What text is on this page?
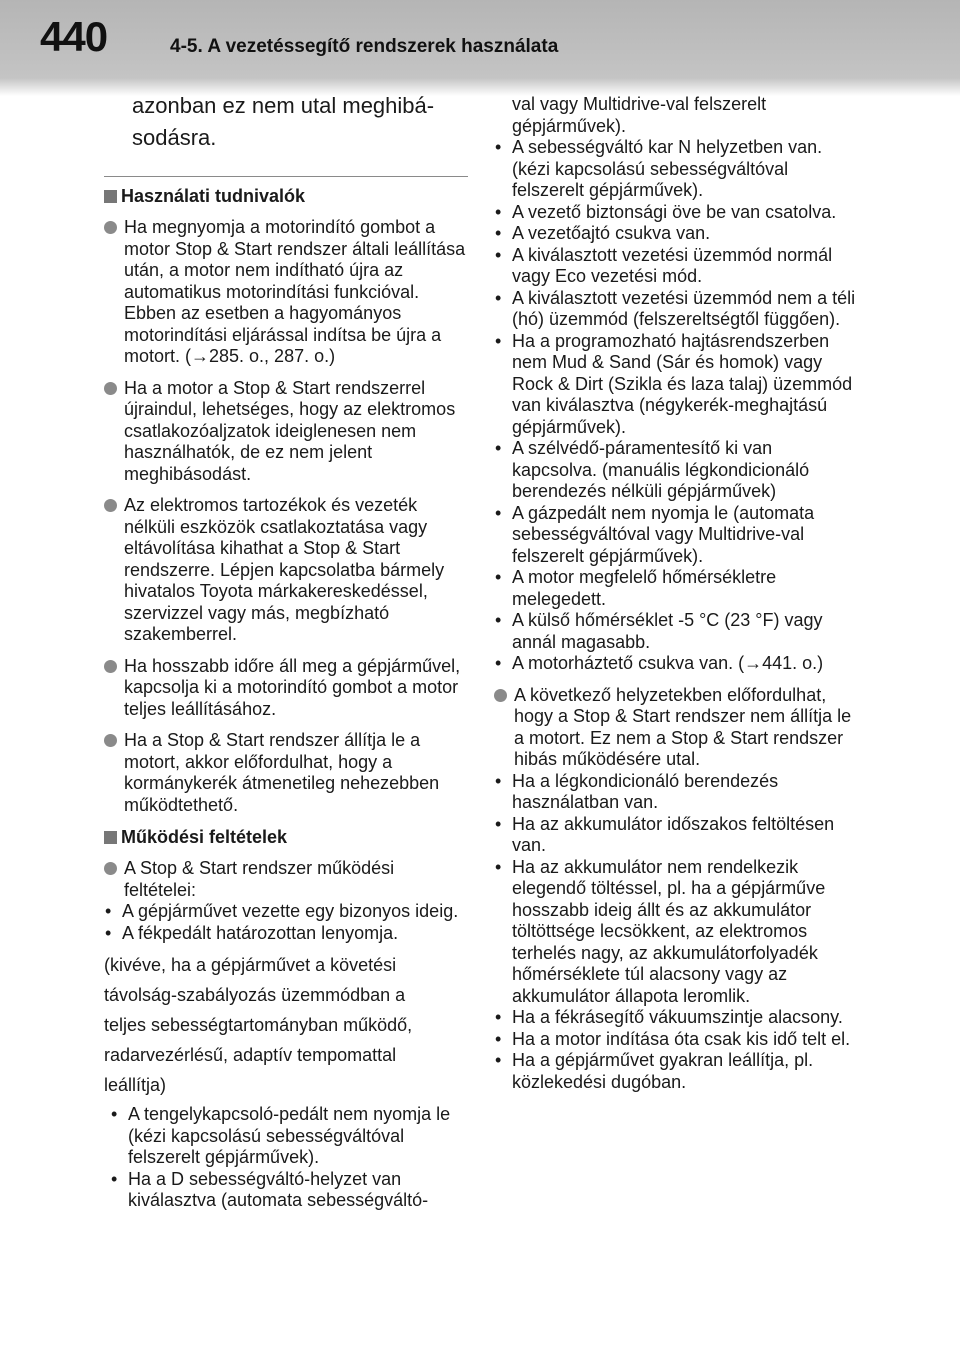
440	4-5. A vezetéssegítő rendszerek használata
azonban ez nem utal meghibá-
sodásra.
Használati tudnivalók
Ha megnyomja a motorindító gombot a motor Stop & Start rendszer általi leállítása után, a motor nem indítható újra az automatikus motorindítási funkcióval. Ebben az esetben a hagyományos motorindítási eljárással indítsa be újra a motort. (→285. o., 287. o.)
Ha a motor a Stop & Start rendszerrel újraindul, lehetséges, hogy az elektromos csatlakozóaljzatok ideiglenesen nem használhatók, de ez nem jelent meghibásodást.
Az elektromos tartozékok és vezeték nélküli eszközök csatlakoztatása vagy eltávolítása kihathat a Stop & Start rendszerre. Lépjen kapcsolatba bármely hivatalos Toyota márkakereskedéssel, szervizzel vagy más, megbízható szakemberrel.
Ha hosszabb időre áll meg a gépjárművel, kapcsolja ki a motorindító gombot a motor teljes leállításához.
Ha a Stop & Start rendszer állítja le a motort, akkor előfordulhat, hogy a kormánykerék átmenetileg nehezebben működtethető.
Működési feltételek
A Stop & Start rendszer működési feltételei:
• A gépjárművet vezette egy bizonyos ideig.
• A fékpedált határozottan lenyomja.
(kivéve, ha a gépjárművet a követési
távolság-szabályozás üzemmódban a
teljes sebességtartományban működő,
radarvezérlésű, adaptív tempomattal
leállítja)
• A tengelykapcsoló-pedált nem nyomja le (kézi kapcsolású sebességváltóval felszerelt gépjárművek).
• Ha a D sebességváltó-helyzet van kiválasztva (automata sebességváltó-
val vagy Multidrive-val felszerelt gépjárművek).
• A sebességváltó kar N helyzetben van. (kézi kapcsolású sebességváltóval felszerelt gépjárművek).
• A vezető biztonsági öve be van csatolva.
• A vezetőajtó csukva van.
• A kiválasztott vezetési üzemmód normál vagy Eco vezetési mód.
• A kiválasztott vezetési üzemmód nem a téli (hó) üzemmód (felszereltségtől függően).
• Ha a programozható hajtásrendszerben nem Mud & Sand (Sár és homok) vagy Rock & Dirt (Szikla és laza talaj) üzemmód van kiválasztva (négykerék-meghajtású gépjárművek).
• A szélvédő-páramentesítő ki van kapcsolva. (manuális légkondicionáló berendezés nélküli gépjárművek)
• A gázpedált nem nyomja le (automata sebességváltóval vagy Multidrive-val felszerelt gépjárművek).
• A motor megfelelő hőmérsékletre melegedett.
• A külső hőmérséklet -5 °C (23 °F) vagy annál magasabb.
• A motorháztető csukva van. (→441. o.)
A következő helyzetekben előfordulhat, hogy a Stop & Start rendszer nem állítja le a motort. Ez nem a Stop & Start rendszer hibás működésére utal.
• Ha a légkondicionáló berendezés használatban van.
• Ha az akkumulátor időszakos feltöltésen van.
• Ha az akkumulátor nem rendelkezik elegendő töltéssel, pl. ha a gépjárműve hosszabb ideig állt és az akkumulátor töltöttsége lecsökkent, az elektromos terhelés nagy, az akkumulátorfolyadék hőmérséklete túl alacsony vagy az akkumulátor állapota leromlik.
• Ha a fékrásegítő vákuumszintje alacsony.
• Ha a motor indítása óta csak kis idő telt el.
• Ha a gépjárművet gyakran leállítja, pl. közlekedési dugóban.
